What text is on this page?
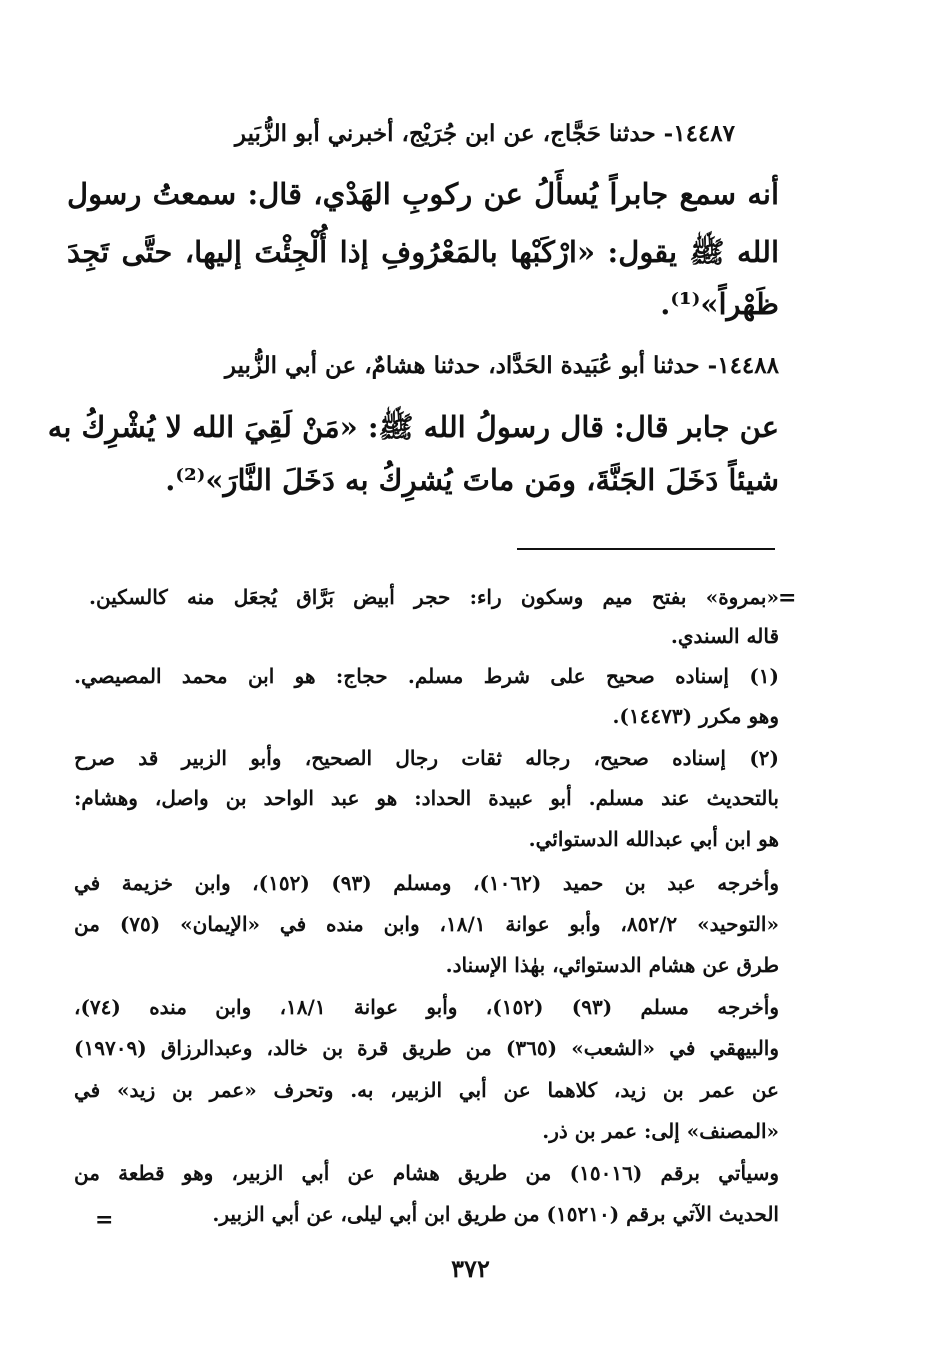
١٤٤٨٧- حدثنا حَجَّاج، عن ابن جُرَيْج، أخبرني أبو الزُّبَير
أنه سمع جابراً يُسأَلُ عن ركوبِ الهَدْي، قال: سمعتُ رسول
الله ﷺ يقول: «ارْكَبْها بالمَعْرُوفِ إذا أُلْجِئْتَ إليها، حتَّى تَجِدَ
ظَهْراً»⁽¹⁾.
١٤٤٨٨- حدثنا أبو عُبَيدة الحَدَّاد، حدثنا هشامٌ، عن أبي الزُّبير
عن جابر قال: قال رسولُ الله ﷺ: «مَنْ لَقِيَ الله لا يُشْرِكُ به
شيئاً دَخَلَ الجَنَّةَ، ومَن ماتَ يُشرِكُ به دَخَلَ النَّارَ»⁽²⁾.
=
«بمروة» بفتح ميم وسكون راء: حجر أبيض بَرَّاق يُجعَل منه كالسكين.
قاله السندي.
(١) إسناده صحيح على شرط مسلم. حجاج: هو ابن محمد المصيصي.
وهو مكرر (١٤٤٧٣).
(٢) إسناده صحيح، رجاله ثقات رجال الصحيح، وأبو الزبير قد صرح
بالتحديث عند مسلم. أبو عبيدة الحداد: هو عبد الواحد بن واصل، وهشام:
هو ابن أبي عبدالله الدستوائي.
وأخرجه عبد بن حميد (١٠٦٢)، ومسلم (٩٣) (١٥٢)، وابن خزيمة في
«التوحيد» ٨٥٢/٢، وأبو عوانة ١٨/١، وابن منده في «الإيمان» (٧٥) من
طرق عن هشام الدستوائي، بهٰذا الإسناد.
وأخرجه مسلم (٩٣) (١٥٢)، وأبو عوانة ١٨/١، وابن منده (٧٤)،
والبيهقي في «الشعب» (٣٦٥) من طريق قرة بن خالد، وعبدالرزاق (١٩٧٠٩)
عن عمر بن زيد، كلاهما عن أبي الزبير، به. وتحرف «عمر بن زيد» في
«المصنف» إلى: عمر بن ذر.
وسيأتي برقم (١٥٠١٦) من طريق هشام عن أبي الزبير، وهو قطعة من
الحديث الآتي برقم (١٥٢١٠) من طريق ابن أبي ليلى، عن أبي الزبير.
=
٣٧٢
